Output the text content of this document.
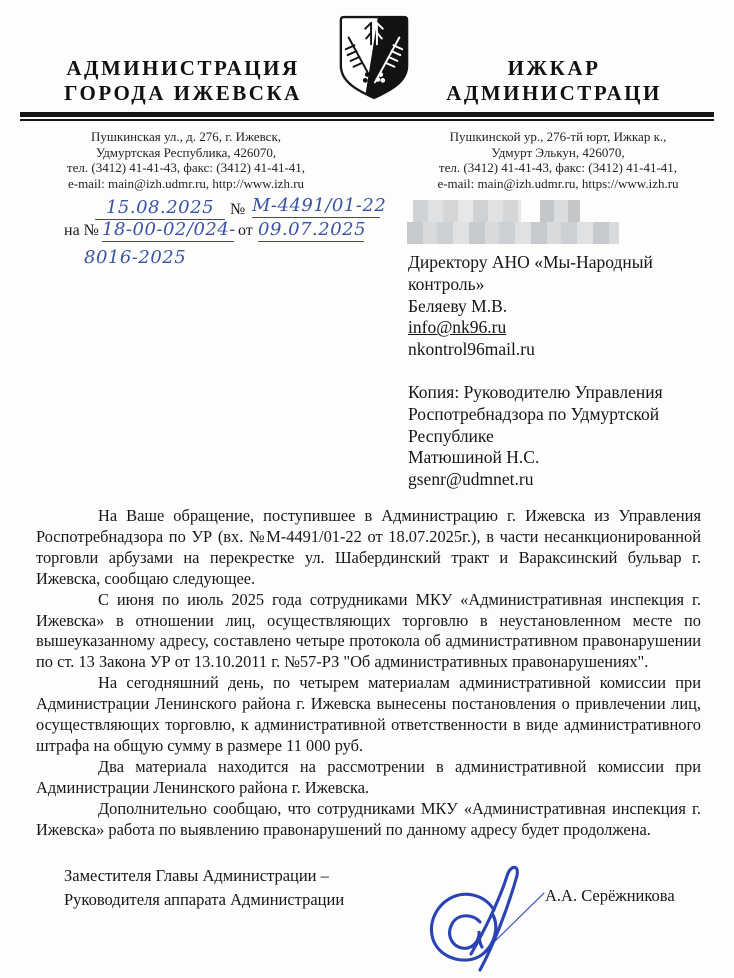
АДМИНИСТРАЦИЯ
ГОРОДА ИЖЕВСКА
ИЖКАР
АДМИНИСТРАЦИ
Пушкинская ул., д. 276, г. Ижевск,
Удмуртская Республика, 426070,
тел. (3412) 41-41-43, факс: (3412) 41-41-41,
e-mail: main@izh.udmr.ru, http://www.izh.ru
Пушкинской ур., 276-тй юрт, Ижкар к.,
Удмурт Элькун, 426070,
тел. (3412) 41-41-43, факс: (3412) 41-41-41,
e-mail: main@izh.udmr.ru, https://www.izh.ru
15.08.2025 № М-4491/01-22
на № 18-00-02/024- от 09.07.2025
8016-2025	Директору АНО «Мы-Народный
контроль»
Беляеву М.В.
info@nk96.ru
nkontrol96mail.ru
Копия: Руководителю Управления
Роспотребнадзора по Удмуртской
Республике
Матюшиной Н.С.
gsenr@udmnet.ru

На Ваше обращение, поступившее в Администрацию г. Ижевска из Управления Роспотребнадзора по УР (вх. №М-4491/01-22 от 18.07.2025г.), в части несанкционированной торговли арбузами на перекрестке ул. Шабердинский тракт и Вараксинский бульвар г. Ижевска, сообщаю следующее.

С июня по июль 2025 года сотрудниками МКУ «Административная инспекция г. Ижевска» в отношении лиц, осуществляющих торговлю в неустановленном месте по вышеуказанному адресу, составлено четыре протокола об административном правонарушении по ст. 13 Закона УР от 13.10.2011 г. №57-РЗ "Об административных правонарушениях".

На сегодняшний день, по четырем материалам административной комиссии при Администрации Ленинского района г. Ижевска вынесены постановления о привлечении лиц, осуществляющих торговлю, к административной ответственности в виде административного штрафа на общую сумму в размере 11 000 руб.

Два материала находится на рассмотрении в административной комиссии при Администрации Ленинского района г. Ижевска.

Дополнительно сообщаю, что сотрудниками МКУ «Административная инспекция г. Ижевска» работа по выявлению правонарушений по данному адресу будет продолжена.

Заместителя Главы Администрации –
Руководителя аппарата Администрации	А.А. Серёжникова
